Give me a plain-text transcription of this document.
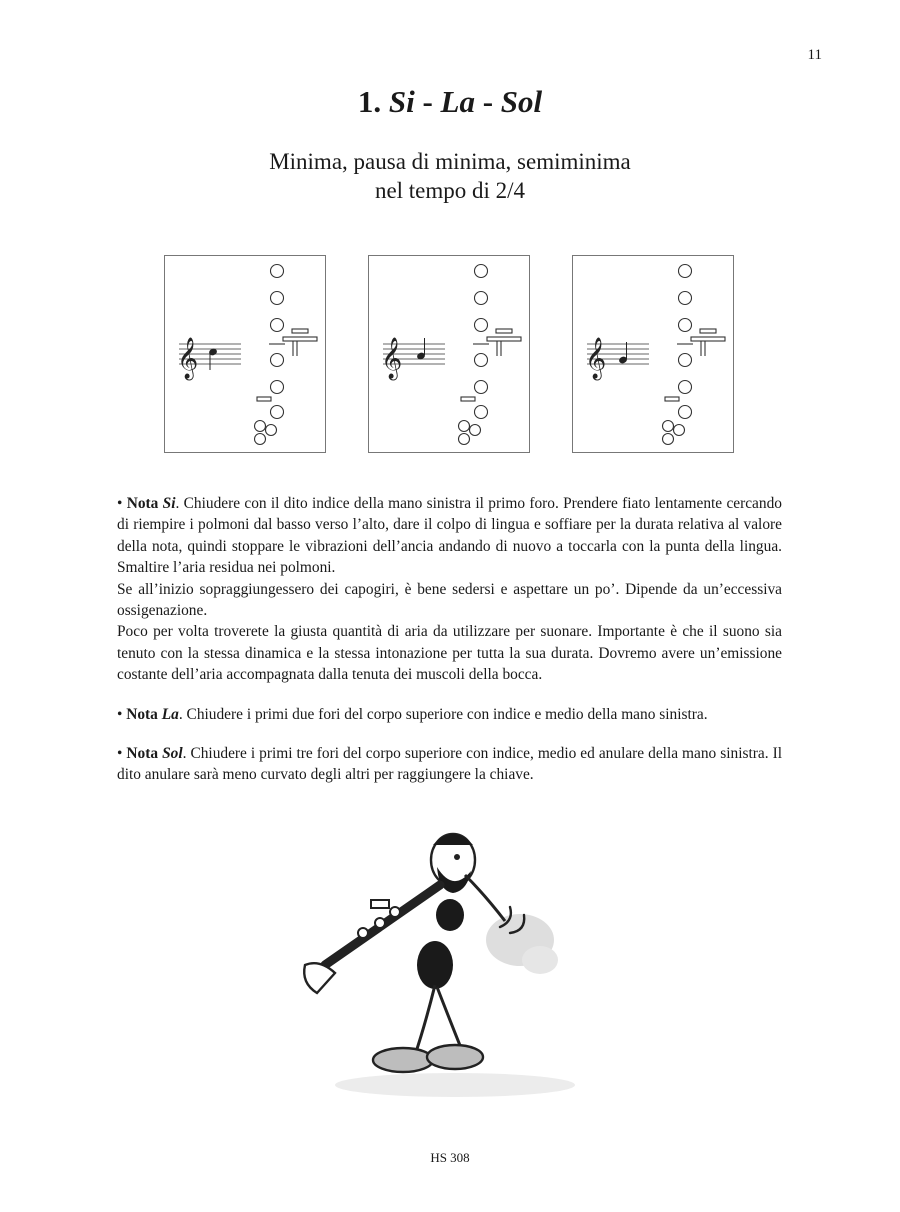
11
1. Si - La - Sol
Minima, pausa di minima, semiminima
nel tempo di 2/4
𝄞	𝄞	𝄞

• Nota Si. Chiudere con il dito indice della mano sinistra il primo foro. Prendere fiato lentamente cercando di riempire i polmoni dal basso verso l’alto, dare il colpo di lingua e soffiare per la durata relativa al valore della nota, quindi stoppare le vibrazioni dell’ancia andando di nuovo a toccarla con la punta della lingua. Smaltire l’aria residua nei polmoni.

Se all’inizio sopraggiungessero dei capogiri, è bene sedersi e aspettare un po’. Dipende da un’eccessiva ossigenazione.

Poco per volta troverete la giusta quantità di aria da utilizzare per suonare. Importante è che il suono sia tenuto con la stessa dinamica e la stessa intonazione per tutta la sua durata. Dovremo avere un’emissione costante dell’aria accompagnata dalla tenuta dei muscoli della bocca.

• Nota La. Chiudere i primi due fori del corpo superiore con indice e medio della mano sinistra.

• Nota Sol. Chiudere i primi tre fori del corpo superiore con indice, medio ed anulare della mano sinistra. Il dito anulare sarà meno curvato degli altri per raggiungere la chiave.

HS 308
